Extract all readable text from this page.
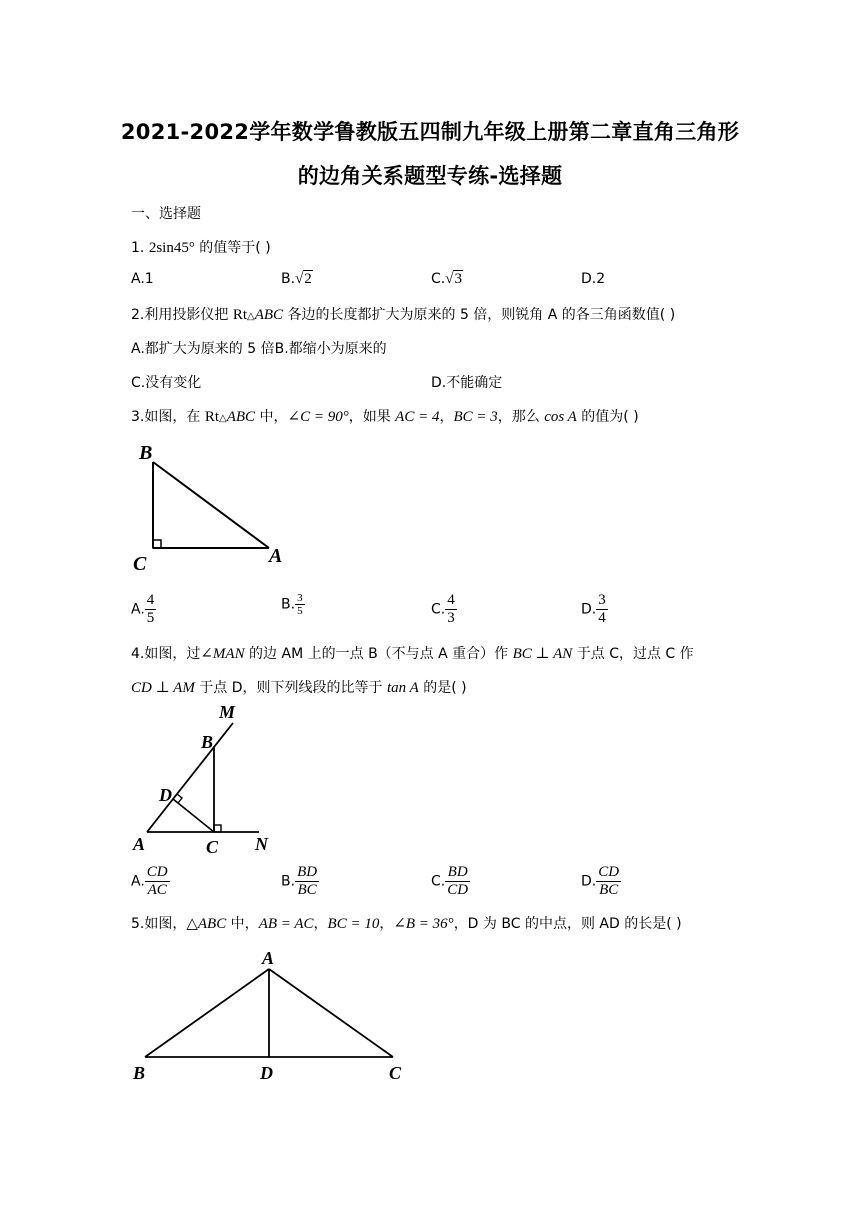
2021-2022学年数学鲁教版五四制九年级上册第二章直角三角形
的边角关系题型专练-选择题
一、选择题
1. 2sin45° 的值等于( )
A.1	B.√2	C.√3	D.2
2.利用投影仪把 Rt△ABC 各边的长度都扩大为原来的 5 倍，则锐角 A 的各三角函数值( )
A.都扩大为原来的 5 倍B.都缩小为原来的
C.没有变化	D.不能确定
3.如图，在 Rt△ABC 中，∠C = 90°，如果 AC = 4，BC = 3，那么 cos A 的值为( )
B
C	A
A. $\frac{4}{5}$	B. $\frac{3}{5}$	C. $\frac{4}{3}$	D. $\frac{3}{4}$
4.如图，过∠MAN 的边 AM 上的一点 B（不与点 A 重合）作 BC ⊥ AN 于点 C，过点 C 作
CD ⊥ AM 于点 D，则下列线段的比等于 tan A 的是( )
M
B
D
A	C N
A. $\frac{CD}{AC}$	B. $\frac{BD}{BC}$	C. $\frac{BD}{CD}$	D. $\frac{CD}{BC}$
5.如图，△ABC 中，AB = AC，BC = 10，∠B = 36°，D 为 BC 的中点，则 AD 的长是( )
A
B	D	C
